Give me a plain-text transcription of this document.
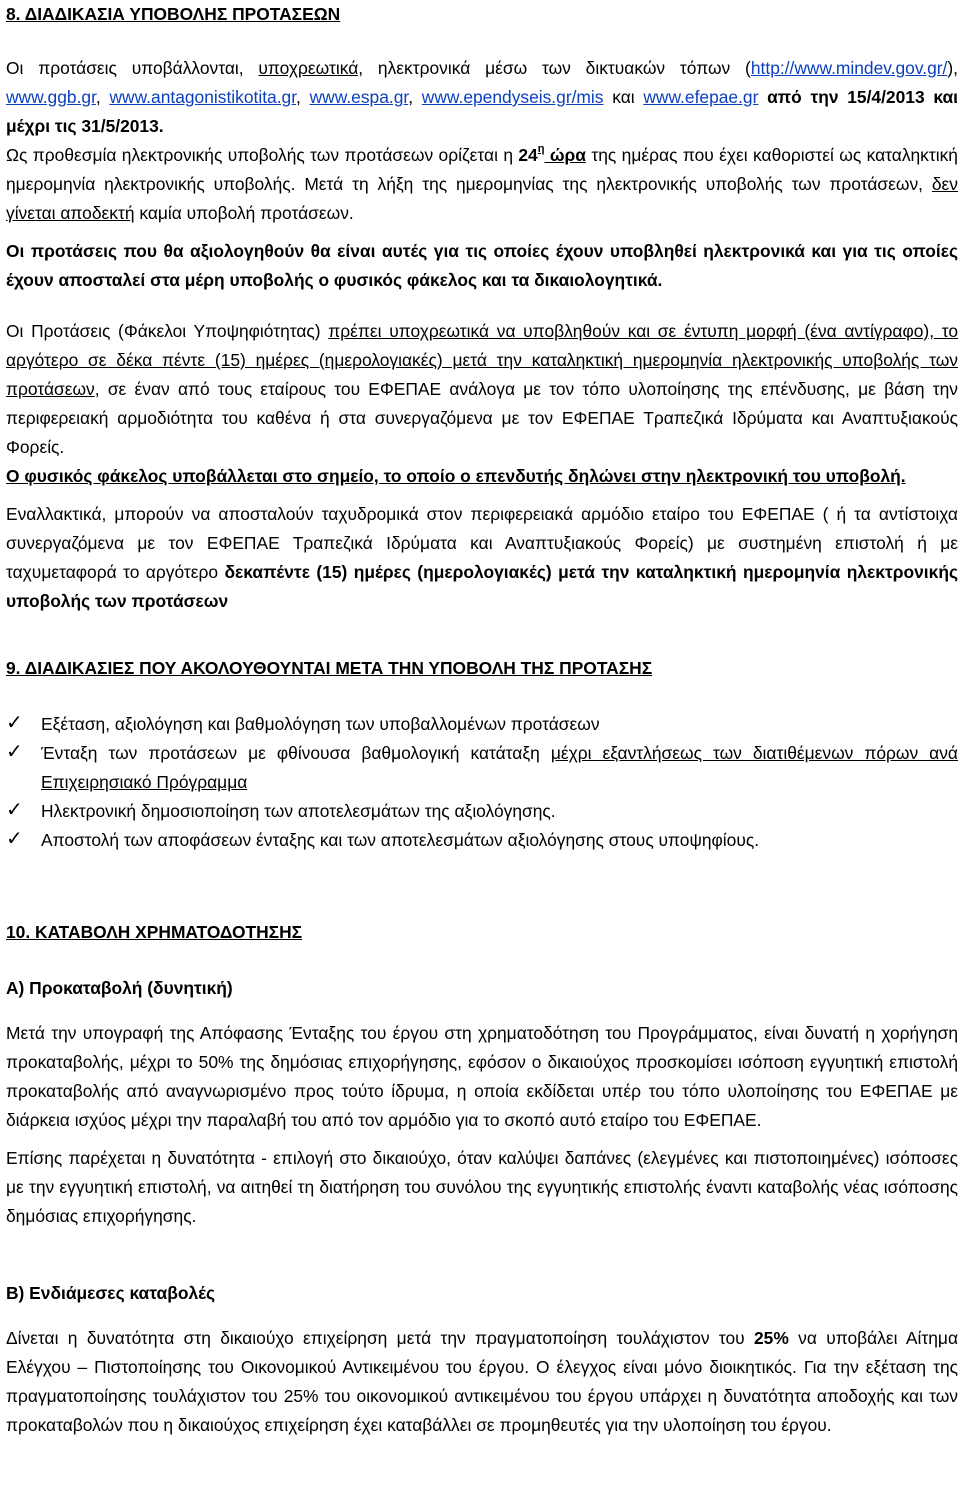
8. ΔΙΑΔΙΚΑΣΙΑ ΥΠΟΒΟΛΗΣ ΠΡΟΤΑΣΕΩΝ

Οι προτάσεις υποβάλλονται, υποχρεωτικά, ηλεκτρονικά μέσω των δικτυακών τόπων (http://www.mindev.gov.gr/), www.ggb.gr, www.antagonistikotita.gr, www.espa.gr, www.ependyseis.gr/mis και www.efepae.gr από την 15/4/2013 και μέχρι τις 31/5/2013.

Ως προθεσμία ηλεκτρονικής υποβολής των προτάσεων ορίζεται η $24^\eta$ ώρα της ημέρας που έχει καθοριστεί ως καταληκτική ημερομηνία ηλεκτρονικής υποβολής. Μετά τη λήξη της ημερομηνίας της ηλεκτρονικής υποβολής των προτάσεων, δεν γίνεται αποδεκτή καμία υποβολή προτάσεων.

Οι προτάσεις που θα αξιολογηθούν θα είναι αυτές για τις οποίες έχουν υποβληθεί ηλεκτρονικά και για τις οποίες έχουν αποσταλεί στα μέρη υποβολής ο φυσικός φάκελος και τα δικαιολογητικά.

Οι Προτάσεις (Φάκελοι Υποψηφιότητας) πρέπει υποχρεωτικά να υποβληθούν και σε έντυπη μορφή (ένα αντίγραφο), το αργότερο σε δέκα πέντε (15) ημέρες (ημερολογιακές) μετά την καταληκτική ημερομηνία ηλεκτρονικής υποβολής των προτάσεων, σε έναν από τους εταίρους του ΕΦΕΠΑΕ ανάλογα με τον τόπο υλοποίησης της επένδυσης, με βάση την περιφερειακή αρμοδιότητα του καθένα ή στα συνεργαζόμενα με τον ΕΦΕΠΑΕ Τραπεζικά Ιδρύματα και Αναπτυξιακούς Φορείς.

Ο φυσικός φάκελος υποβάλλεται στο σημείο, το οποίο ο επενδυτής δηλώνει στην ηλεκτρονική του υποβολή.

Εναλλακτικά, μπορούν να αποσταλούν ταχυδρομικά στον περιφερειακά αρμόδιο εταίρο του ΕΦΕΠΑΕ ( ή τα αντίστοιχα συνεργαζόμενα με τον ΕΦΕΠΑΕ Τραπεζικά Ιδρύματα και Αναπτυξιακούς Φορείς) με συστημένη επιστολή ή με ταχυμεταφορά το αργότερο δεκαπέντε (15) ημέρες (ημερολογιακές) μετά την καταληκτική ημερομηνία ηλεκτρονικής υποβολής των προτάσεων

9. ΔΙΑΔΙΚΑΣΙΕΣ ΠΟΥ ΑΚΟΛΟΥΘΟΥΝΤΑΙ ΜΕΤΑ ΤΗΝ ΥΠΟΒΟΛΗ ΤΗΣ ΠΡΟΤΑΣΗΣ

✓	Εξέταση, αξιολόγηση και βαθμολόγηση των υποβαλλομένων προτάσεων
✓	Ένταξη των προτάσεων με φθίνουσα βαθμολογική κατάταξη μέχρι εξαντλήσεως των διατιθέμενων πόρων ανά Επιχειρησιακό Πρόγραμμα
✓	Ηλεκτρονική δημοσιοποίηση των αποτελεσμάτων της αξιολόγησης.
✓	Αποστολή των αποφάσεων ένταξης και των αποτελεσμάτων αξιολόγησης στους υποψηφίους.

10. ΚΑΤΑΒΟΛΗ ΧΡΗΜΑΤΟΔΟΤΗΣΗΣ

Α) Προκαταβολή (δυνητική)

Μετά την υπογραφή της Απόφασης Ένταξης του έργου στη χρηματοδότηση του Προγράμματος, είναι δυνατή η χορήγηση προκαταβολής, μέχρι το 50% της δημόσιας επιχορήγησης, εφόσον ο δικαιούχος προσκομίσει ισόποση εγγυητική επιστολή προκαταβολής από αναγνωρισμένο προς τούτο ίδρυμα, η οποία εκδίδεται υπέρ του τόπο υλοποίησης του ΕΦΕΠΑΕ με διάρκεια ισχύος μέχρι την παραλαβή του από τον αρμόδιο για το σκοπό αυτό εταίρο του ΕΦΕΠΑΕ.

Επίσης παρέχεται η δυνατότητα - επιλογή στο δικαιούχο, όταν καλύψει δαπάνες (ελεγμένες και πιστοποιημένες) ισόποσες με την εγγυητική επιστολή, να αιτηθεί τη διατήρηση του συνόλου της εγγυητικής επιστολής έναντι καταβολής νέας ισόποσης δημόσιας επιχορήγησης.

Β) Ενδιάμεσες καταβολές

Δίνεται η δυνατότητα στη δικαιούχο επιχείρηση μετά την πραγματοποίηση τουλάχιστον του 25% να υποβάλει Αίτημα Ελέγχου – Πιστοποίησης του Οικονομικού Αντικειμένου του έργου. Ο έλεγχος είναι μόνο διοικητικός. Για την εξέταση της πραγματοποίησης τουλάχιστον του 25% του οικονομικού αντικειμένου του έργου υπάρχει η δυνατότητα αποδοχής και των προκαταβολών που η δικαιούχος επιχείρηση έχει καταβάλλει σε προμηθευτές για την υλοποίηση του έργου.
